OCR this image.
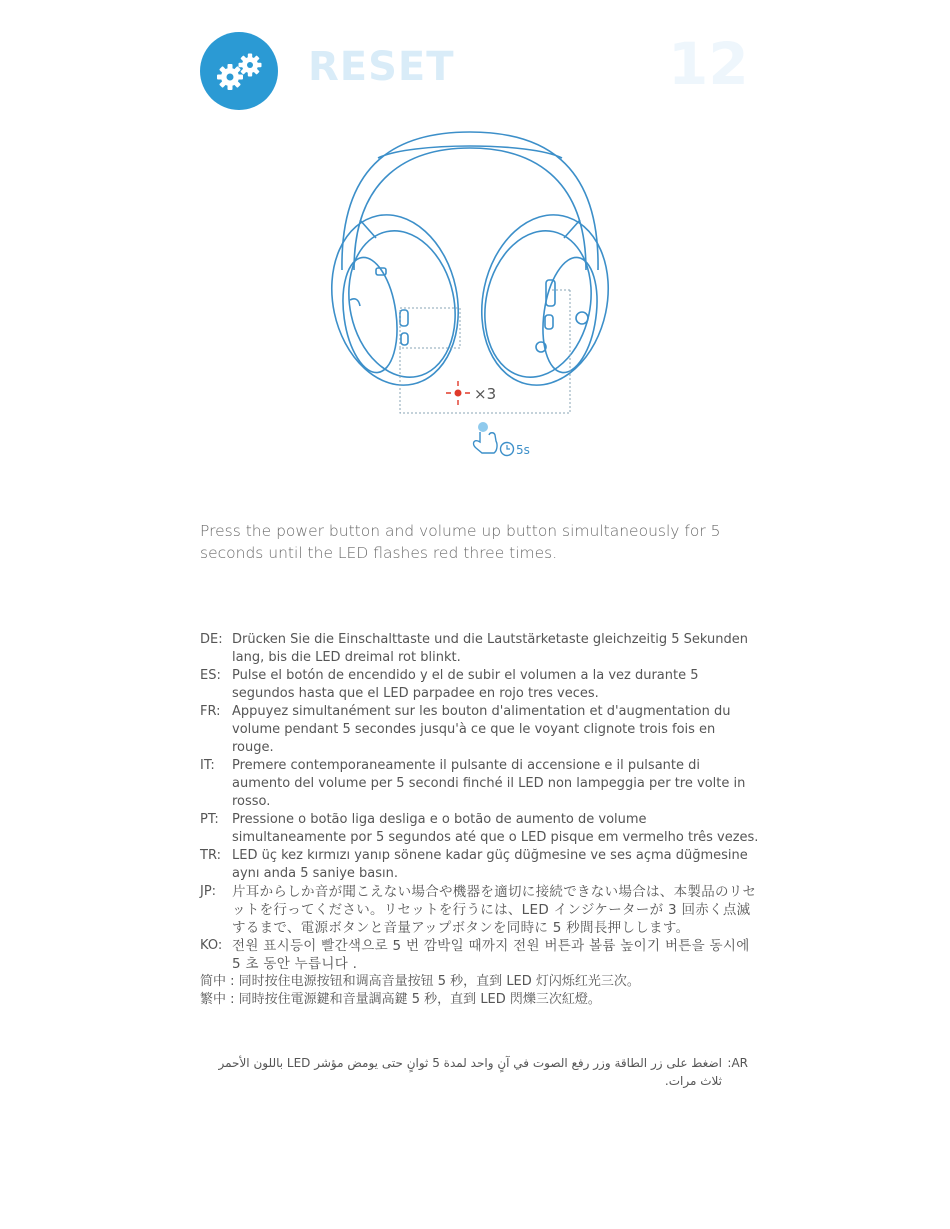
RESET	12
×3
5s
Press the power button and volume up button simultaneously for 5 seconds until the LED flashes red three times.
DE: Drücken Sie die Einschalttaste und die Lautstärketaste gleichzeitig 5 Sekunden lang, bis die LED dreimal rot blinkt.
ES: Pulse el botón de encendido y el de subir el volumen a la vez durante 5 segundos hasta que el LED parpadee en rojo tres veces.
FR: Appuyez simultanément sur les bouton d'alimentation et d'augmentation du volume pendant 5 secondes jusqu'à ce que le voyant clignote trois fois en rouge.
IT:	Premere contemporaneamente il pulsante di accensione e il pulsante di aumento del volume per 5 secondi finché il LED non lampeggia per tre volte in rosso.
PT:	Pressione o botão liga desliga e o botão de aumento de volume simultaneamente por 5 segundos até que o LED pisque em vermelho três vezes.
TR: LED üç kez kırmızı yanıp sönene kadar güç düğmesine ve ses açma düğmesine aynı anda 5 saniye basın.
JP:	片耳からしか音が聞こえない場合や機器を適切に接続できない場合は、本製品のリセットを行ってください。リセットを行うには、LED インジケーターが 3 回赤く点滅するまで、電源ボタンと音量アップボタンを同時に 5 秒間長押しします。
KO: 전원 표시등이 빨간색으로 5 번 깜박일 때까지 전원 버튼과 볼륨 높이기 버튼을 동시에 5 초 동안 누릅니다 .
简中 : 同时按住电源按钮和调高音量按钮 5 秒，直到 LED 灯闪烁红光三次。
繁中 : 同時按住電源鍵和音量調高鍵 5 秒，直到 LED 閃爍三次紅燈。
اضغط على زر الطاقة وزر رفع الصوت في آنٍ واحد لمدة 5 ثوانٍ حتى يومض مؤشر LED باللون الأحمر ثلاث مرات.
:AR
